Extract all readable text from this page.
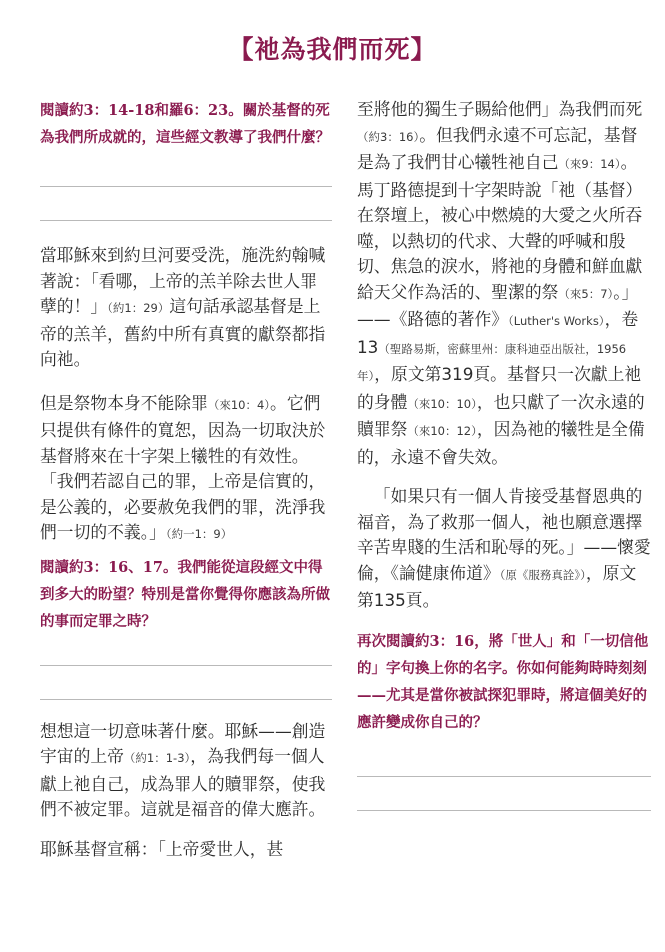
【祂為我們而死】

閱讀約3：14-18和羅6：23。關於基督的死為我們所成就的，這些經文教導了我們什麼？

當耶穌來到約旦河要受洗，施洗約翰喊著說：「看哪，上帝的羔羊除去世人罪孽的！」（約1：29）這句話承認基督是上帝的羔羊，舊約中所有真實的獻祭都指向祂。

但是祭物本身不能除罪（來10：4）。它們只提供有條件的寬恕，因為一切取決於基督將來在十字架上犧牲的有效性。「我們若認自己的罪，上帝是信實的，是公義的，必要赦免我們的罪，洗淨我們一切的不義。」（約一1：9）

閱讀約3：16、17。我們能從這段經文中得到多大的盼望？特別是當你覺得你應該為所做的事而定罪之時？

想想這一切意味著什麼。耶穌——創造宇宙的上帝（約1：1-3），為我們每一個人獻上祂自己，成為罪人的贖罪祭，使我們不被定罪。這就是福音的偉大應許。

耶穌基督宣稱：「上帝愛世人，甚

至將他的獨生子賜給他們」為我們而死（約3：16）。但我們永遠不可忘記，基督是為了我們甘心犧牲祂自己（來9：14）。馬丁路德提到十字架時說「祂（基督）在祭壇上，被心中燃燒的大愛之火所吞噬，以熱切的代求、大聲的呼喊和殷切、焦急的淚水，將祂的身體和鮮血獻給天父作為活的、聖潔的祭（來5：7）。」——《路德的著作》（Luther's Works），卷13（聖路易斯，密蘇里州：康科迪亞出版社，1956年），原文第319頁。基督只一次獻上祂的身體（來10：10），也只獻了一次永遠的贖罪祭（來10：12），因為祂的犧牲是全備的，永遠不會失效。

「如果只有一個人肯接受基督恩典的福音，為了救那一個人，祂也願意選擇辛苦卑賤的生活和恥辱的死。」——懷愛倫，《論健康佈道》（原《服務真詮》），原文第135頁。

再次閱讀約3：16，將「世人」和「一切信他的」字句換上你的名字。你如何能夠時時刻刻——尤其是當你被試探犯罪時，將這個美好的應許變成你自己的？
